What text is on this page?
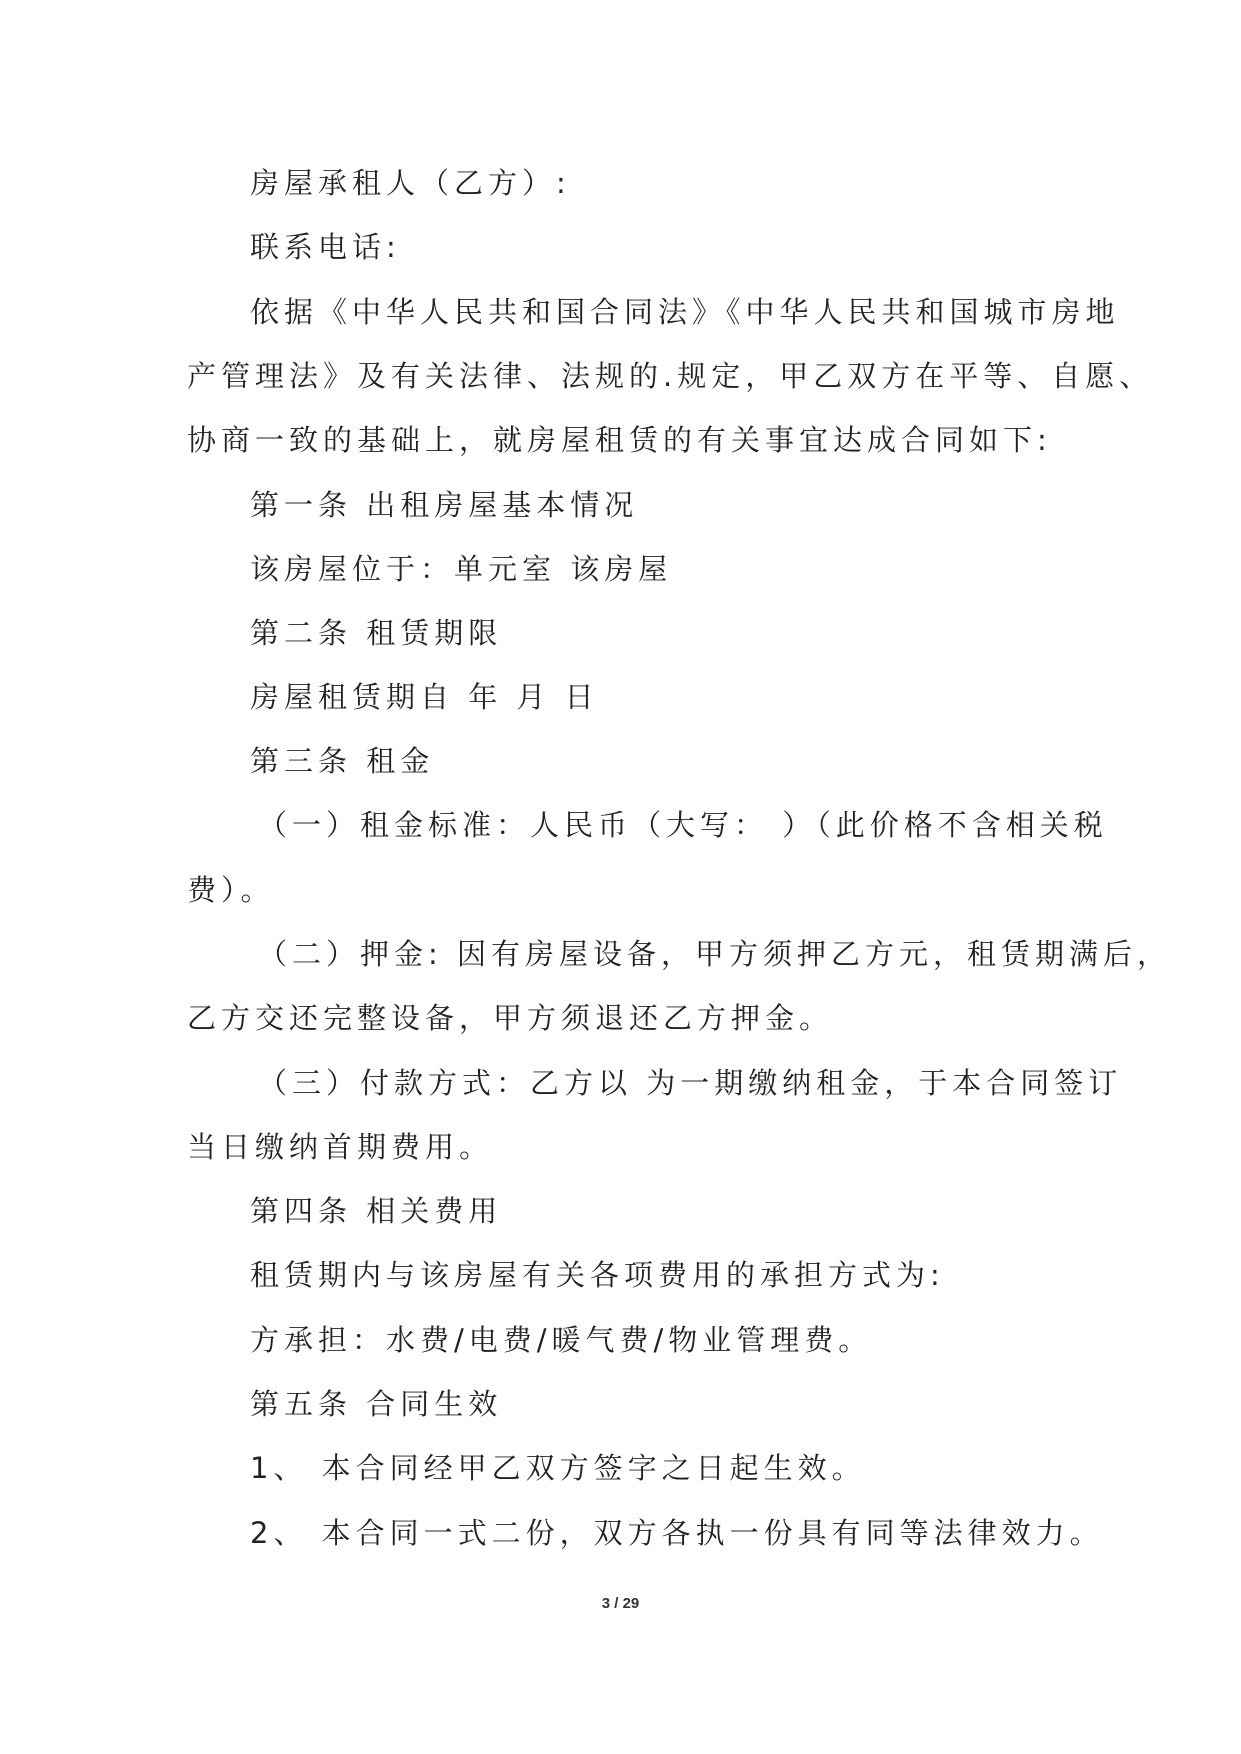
房屋承租人（乙方）:
联系电话:
依据《中华人民共和国合同法》《中华人民共和国城市房地
产管理法》及有关法律、法规的.规定，甲乙双方在平等、自愿、
协商一致的基础上，就房屋租赁的有关事宜达成合同如下:
第一条 出租房屋基本情况
该房屋位于：单元室 该房屋
第二条 租赁期限
房屋租赁期自 年 月 日
第三条 租金
（一）租金标准：人民币（大写： ）（此价格不含相关税
费）。
（二）押金: 因有房屋设备，甲方须押乙方元，租赁期满后，
乙方交还完整设备，甲方须退还乙方押金。
（三）付款方式：乙方以 为一期缴纳租金，于本合同签订
当日缴纳首期费用。
第四条 相关费用
租赁期内与该房屋有关各项费用的承担方式为:
方承担：水费/电费/暖气费/物业管理费。
第五条 合同生效
1、 本合同经甲乙双方签字之日起生效。
2、 本合同一式二份，双方各执一份具有同等法律效力。
3 / 29
